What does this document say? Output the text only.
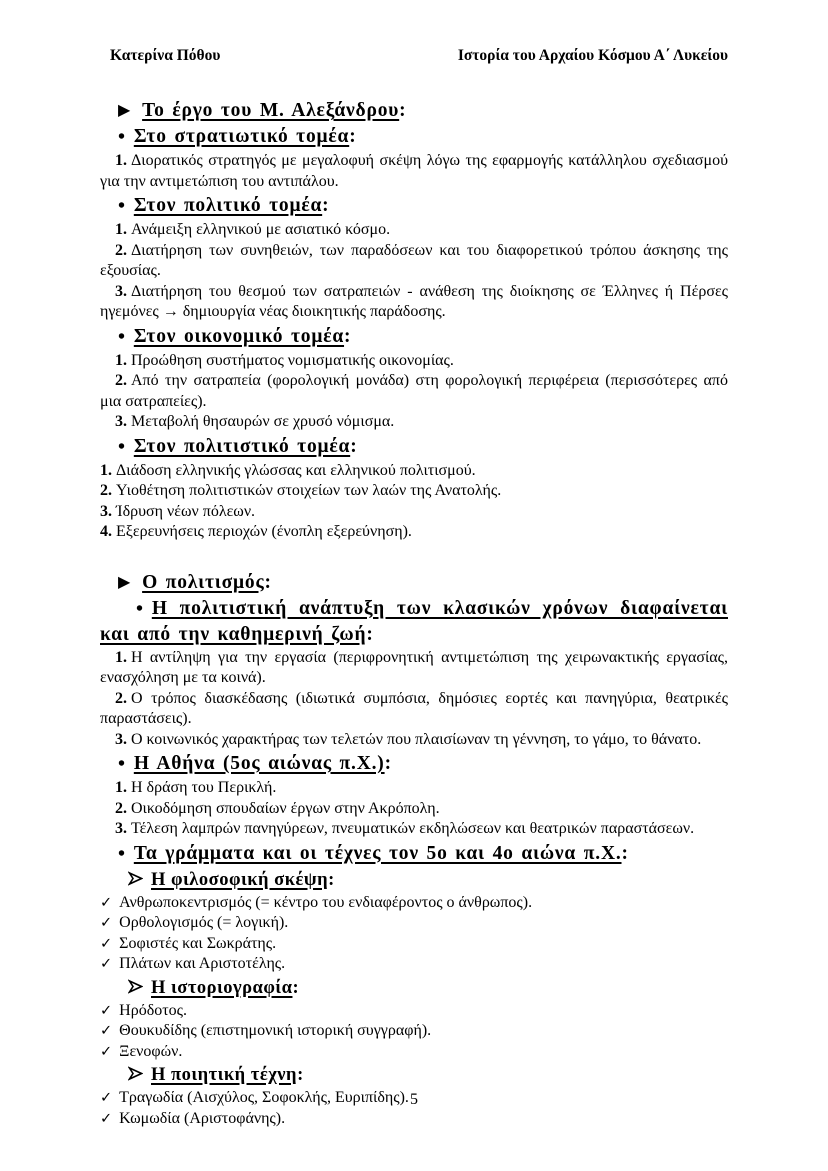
Κατερίνα Πόθου	Ιστορία του Αρχαίου Κόσμου Α΄ Λυκείου
▶ Το έργο του Μ. Αλεξάνδρου:
• Στο στρατιωτικό τομέα:

1. Διορατικός στρατηγός με μεγαλοφυή σκέψη λόγω της εφαρμογής κατάλληλου σχεδιασμού για την αντιμετώπιση του αντιπάλου.

• Στον πολιτικό τομέα:

1. Ανάμειξη ελληνικού με ασιατικό κόσμο.

2. Διατήρηση των συνηθειών, των παραδόσεων και του διαφορετικού τρόπου άσκησης της εξουσίας.

3. Διατήρηση του θεσμού των σατραπειών - ανάθεση της διοίκησης σε Έλληνες ή Πέρσες ηγεμόνες → δημιουργία νέας διοικητικής παράδοσης.

• Στον οικονομικό τομέα:

1. Προώθηση συστήματος νομισματικής οικονομίας.

2. Από την σατραπεία (φορολογική μονάδα) στη φορολογική περιφέρεια (περισσότερες από μια σατραπείες).

3. Μεταβολή θησαυρών σε χρυσό νόμισμα.

• Στον πολιτιστικό τομέα:

1. Διάδοση ελληνικής γλώσσας και ελληνικού πολιτισμού.

2. Υιοθέτηση πολιτιστικών στοιχείων των λαών της Ανατολής.

3. Ίδρυση νέων πόλεων.

4. Εξερευνήσεις περιοχών (ένοπλη εξερεύνηση).

▶ Ο πολιτισμός:
• Η πολιτιστική ανάπτυξη των κλασικών χρόνων διαφαίνεται και από την καθημερινή ζωή:

1. Η αντίληψη για την εργασία (περιφρονητική αντιμετώπιση της χειρωνακτικής εργασίας, ενασχόληση με τα κοινά).

2. Ο τρόπος διασκέδασης (ιδιωτικά συμπόσια, δημόσιες εορτές και πανηγύρια, θεατρικές παραστάσεις).

3. Ο κοινωνικός χαρακτήρας των τελετών που πλαισίωναν τη γέννηση, το γάμο, το θάνατο.

• Η Αθήνα (5ος αιώνας π.Χ.):

1. Η δράση του Περικλή.

2. Οικοδόμηση σπουδαίων έργων στην Ακρόπολη.

3. Τέλεση λαμπρών πανηγύρεων, πνευματικών εκδηλώσεων και θεατρικών παραστάσεων.

• Τα γράμματα και οι τέχνες τον 5ο και 4ο αιώνα π.Χ.:
Η φιλοσοφική σκέψη:

✓ Ανθρωποκεντρισμός (= κέντρο του ενδιαφέροντος ο άνθρωπος).

✓ Ορθολογισμός (= λογική).

✓ Σοφιστές και Σωκράτης.

✓ Πλάτων και Αριστοτέλης.

Η ιστοριογραφία:

✓ Ηρόδοτος.

✓ Θουκυδίδης (επιστημονική ιστορική συγγραφή).

✓ Ξενοφών.

Η ποιητική τέχνη:

✓ Τραγωδία (Αισχύλος, Σοφοκλής, Ευριπίδης).

✓ Κωμωδία (Αριστοφάνης).

5
